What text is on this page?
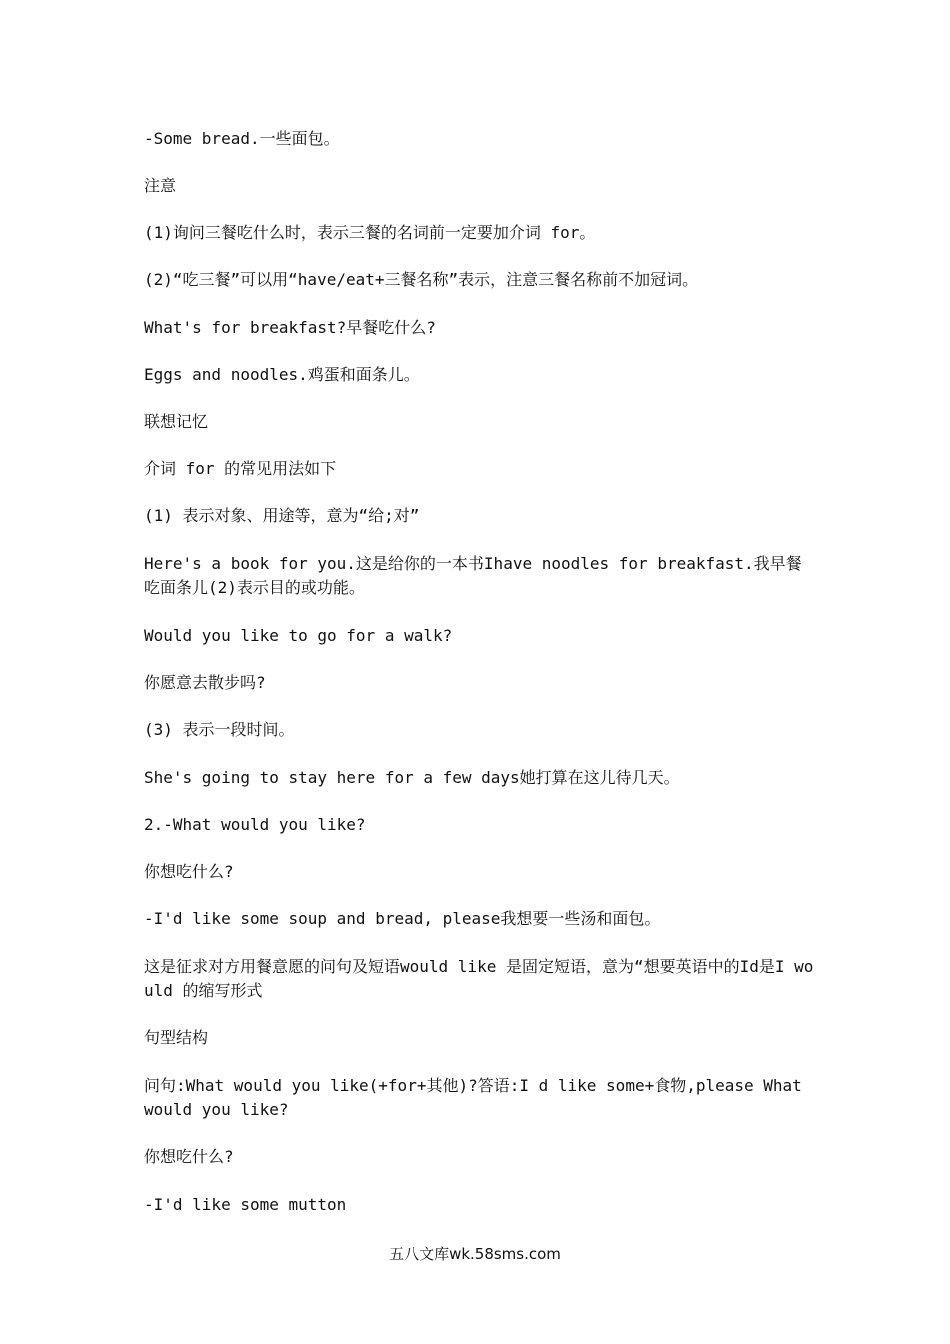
-Some bread.一些面包。
注意
(1)询问三餐吃什么时，表示三餐的名词前一定要加介词 for。
(2)“吃三餐”可以用“have/eat+三餐名称”表示，注意三餐名称前不加冠词。
What's for breakfast?早餐吃什么?
Eggs and noodles.鸡蛋和面条儿。
联想记忆
介词 for 的常见用法如下
(1) 表示对象、用途等，意为“给;对”
Here's a book for you.这是给你的一本书Ihave noodles for breakfast.我早餐吃面条儿(2)表示目的或功能。
Would you like to go for a walk?
你愿意去散步吗?
(3) 表示一段时间。
She's going to stay here for a few days她打算在这儿待几天。
2.-What would you like?
你想吃什么?
-I'd like some soup and bread, please我想要一些汤和面包。
这是征求对方用餐意愿的问句及短语would like 是固定短语，意为“想要英语中的Id是I would 的缩写形式
句型结构
问句:What would you like(+for+其他)?答语:I d like some+食物,please What would you like?
你想吃什么?
-I'd like some mutton
五八文库wk.58sms.com
